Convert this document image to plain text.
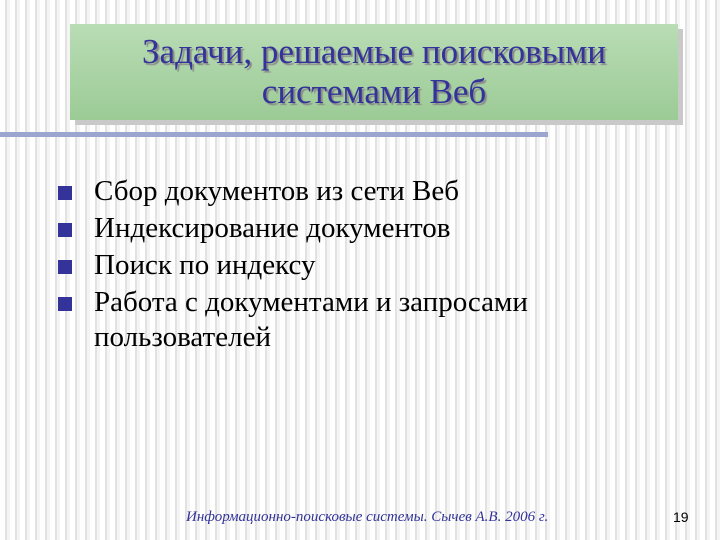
Задачи, решаемые поисковыми
системами Веб
Сбор документов из сети Веб
Индексирование документов
Поиск по индексу
Работа с документами и запросами пользователей
Информационно-поисковые системы. Сычев А.В. 2006 г.	19
